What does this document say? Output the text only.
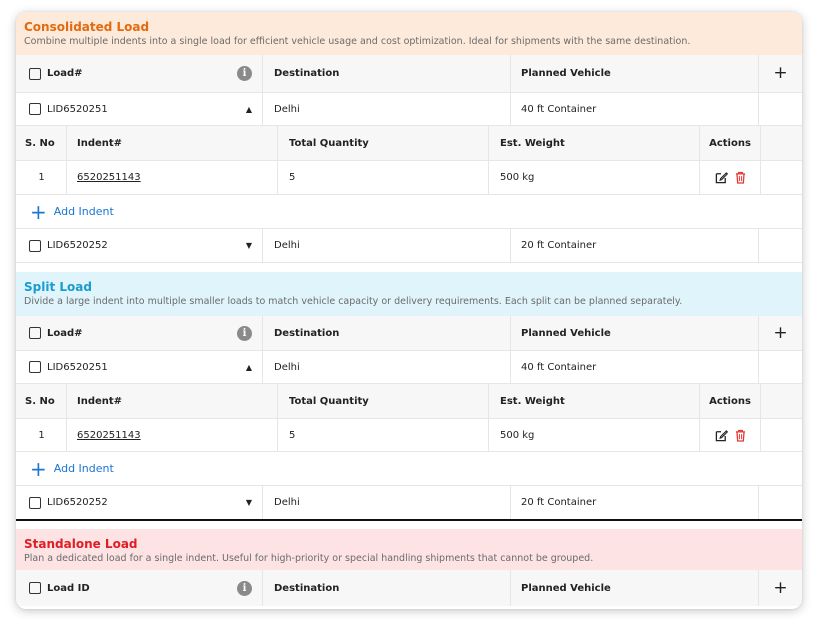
Consolidated Load
Combine multiple indents into a single load for efficient vehicle usage and cost optimization. Ideal for shipments with the same destination.
Load#	i	Destination	Planned Vehicle	+
LID6520251	▲	Delhi	40 ft Container
S. No	Indent#	Total Quantity	Est. Weight	Actions
1	6520251143	5	500 kg
+ Add Indent
LID6520252	▼	Delhi	20 ft Container
Split Load
Divide a large indent into multiple smaller loads to match vehicle capacity or delivery requirements. Each split can be planned separately.
Load#	i	Destination	Planned Vehicle	+
LID6520251	▲	Delhi	40 ft Container
S. No	Indent#	Total Quantity	Est. Weight	Actions
1	6520251143	5	500 kg
+ Add Indent
LID6520252	▼	Delhi	20 ft Container
Standalone Load
Plan a dedicated load for a single indent. Useful for high-priority or special handling shipments that cannot be grouped.
Load ID	i	Destination	Planned Vehicle	+
